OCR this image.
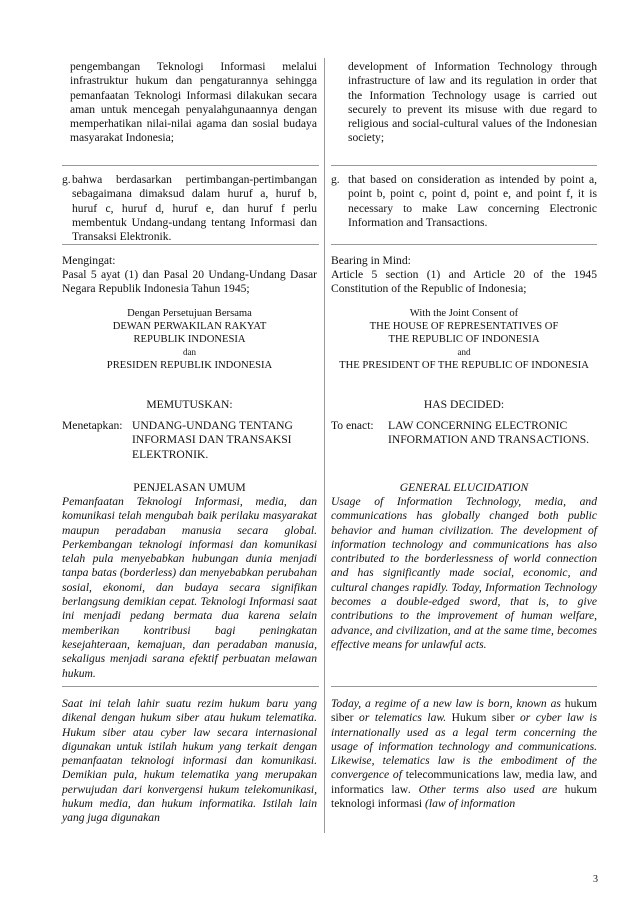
pengembangan Teknologi Informasi melalui infrastruktur hukum dan pengaturannya sehingga pemanfaatan Teknologi Informasi dilakukan secara aman untuk mencegah penyalahgunaannya dengan memperhatikan nilai-nilai agama dan sosial budaya masyarakat Indonesia;

g. bahwa berdasarkan pertimbangan-pertimbangan sebagaimana dimaksud dalam huruf a, huruf b, huruf c, huruf d, huruf e, dan huruf f perlu membentuk Undang-undang tentang Informasi dan Transaksi Elektronik.
Mengingat:

Pasal 5 ayat (1) dan Pasal 20 Undang-Undang Dasar Negara Republik Indonesia Tahun 1945;

Dengan Persetujuan Bersama
DEWAN PERWAKILAN RAKYAT
REPUBLIK INDONESIA
dan
PRESIDEN REPUBLIK INDONESIA
MEMUTUSKAN:
Menetapkan: UNDANG-UNDANG TENTANG INFORMASI DAN TRANSAKSI ELEKTRONIK.
PENJELASAN UMUM

Pemanfaatan Teknologi Informasi, media, dan komunikasi telah mengubah baik perilaku masyarakat maupun peradaban manusia secara global. Perkembangan teknologi informasi dan komunikasi telah pula menyebabkan hubungan dunia menjadi tanpa batas (borderless) dan menyebabkan perubahan sosial, ekonomi, dan budaya secara signifikan berlangsung demikian cepat. Teknologi Informasi saat ini menjadi pedang bermata dua karena selain memberikan kontribusi bagi peningkatan kesejahteraan, kemajuan, dan peradaban manusia, sekaligus menjadi sarana efektif perbuatan melawan hukum.

Saat ini telah lahir suatu rezim hukum baru yang dikenal dengan hukum siber atau hukum telematika. Hukum siber atau cyber law secara internasional digunakan untuk istilah hukum yang terkait dengan pemanfaatan teknologi informasi dan komunikasi. Demikian pula, hukum telematika yang merupakan perwujudan dari konvergensi hukum telekomunikasi, hukum media, dan hukum informatika. Istilah lain yang juga digunakan

development of Information Technology through infrastructure of law and its regulation in order that the Information Technology usage is carried out securely to prevent its misuse with due regard to religious and social-cultural values of the Indonesian society;

g. that based on consideration as intended by point a, point b, point c, point d, point e, and point f, it is necessary to make Law concerning Electronic Information and Transactions.
Bearing in Mind:

Article 5 section (1) and Article 20 of the 1945 Constitution of the Republic of Indonesia;

With the Joint Consent of
THE HOUSE OF REPRESENTATIVES OF
THE REPUBLIC OF INDONESIA
and
THE PRESIDENT OF THE REPUBLIC OF INDONESIA
HAS DECIDED:
To enact:	LAW CONCERNING ELECTRONIC INFORMATION AND TRANSACTIONS.
GENERAL ELUCIDATION

Usage of Information Technology, media, and communications has globally changed both public behavior and human civilization. The development of information technology and communications has also contributed to the borderlessness of world connection and has significantly made social, economic, and cultural changes rapidly. Today, Information Technology becomes a double-edged sword, that is, to give contributions to the improvement of human welfare, advance, and civilization, and at the same time, becomes effective means for unlawful acts.

Today, a regime of a new law is born, known as hukum siber or telematics law. Hukum siber or cyber law is internationally used as a legal term concerning the usage of information technology and communications. Likewise, telematics law is the embodiment of the convergence of telecommunications law, media law, and informatics law. Other terms also used are hukum teknologi informasi (law of information

3
